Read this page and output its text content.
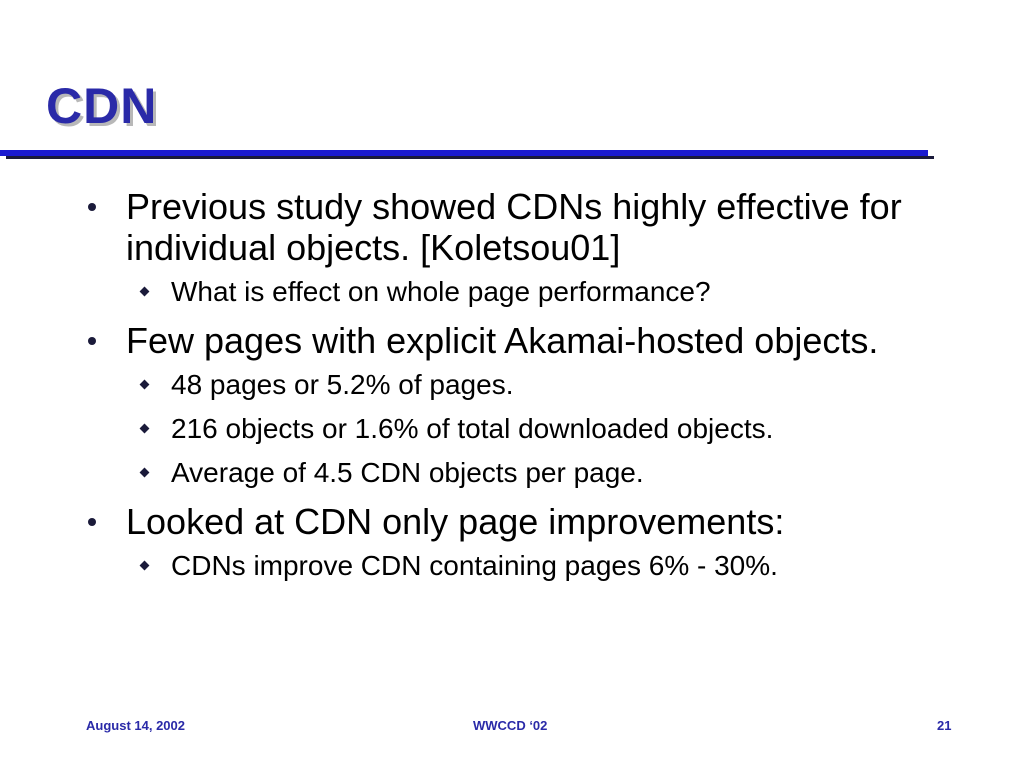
CDN
Previous study showed CDNs highly effective for individual objects. [Koletsou01]
What is effect on whole page performance?
Few pages with explicit Akamai-hosted objects.
48 pages or 5.2% of pages.
216 objects or 1.6% of total downloaded objects.
Average of 4.5 CDN objects per page.
Looked at CDN only page improvements:
CDNs improve CDN containing pages 6% - 30%.
August 14, 2002	WWCCD ‘02	21
